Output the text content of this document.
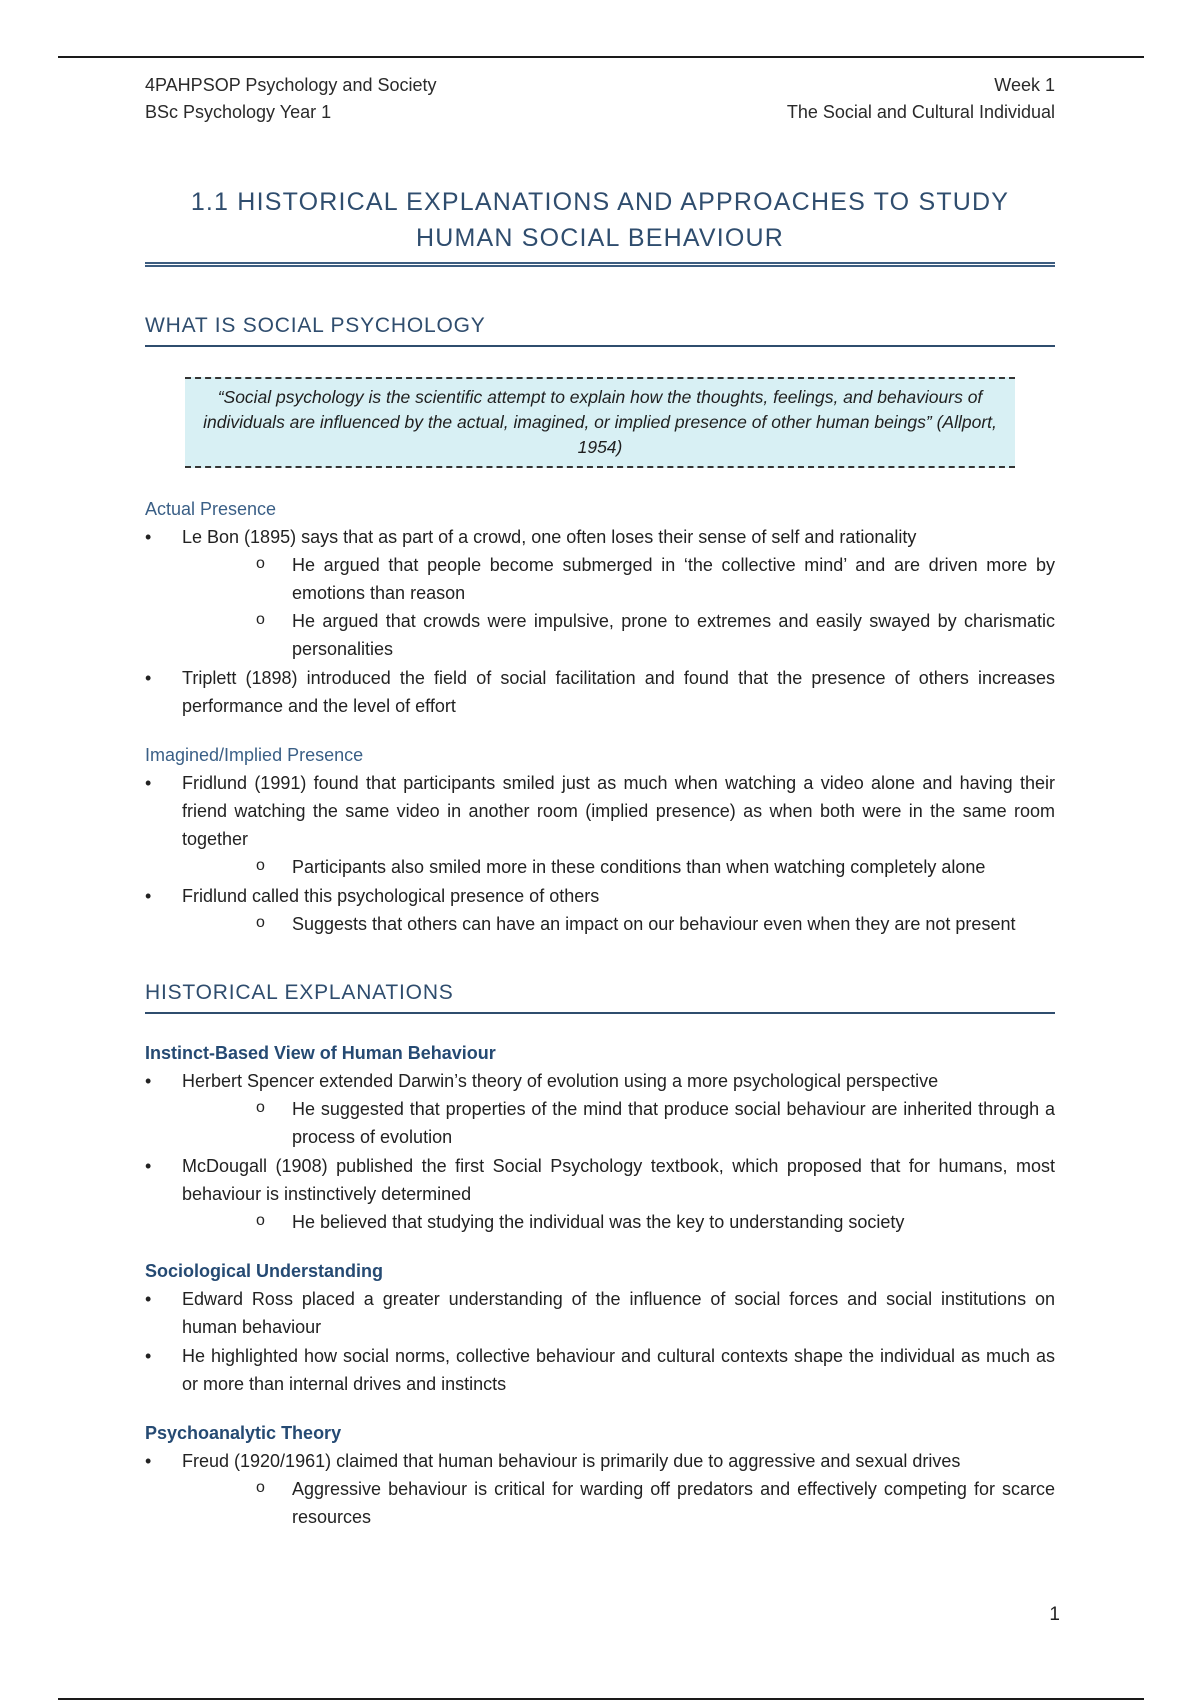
4PAHPSOP Psychology and Society
BSc Psychology Year 1
Week 1
The Social and Cultural Individual
1.1 HISTORICAL EXPLANATIONS AND APPROACHES TO STUDY
HUMAN SOCIAL BEHAVIOUR
WHAT IS SOCIAL PSYCHOLOGY
“Social psychology is the scientific attempt to explain how the thoughts, feelings, and behaviours of individuals are influenced by the actual, imagined, or implied presence of other human beings” (Allport, 1954)
Actual Presence
• Le Bon (1895) says that as part of a crowd, one often loses their sense of self and rationality
o He argued that people become submerged in ‘the collective mind’ and are driven more by emotions than reason
o He argued that crowds were impulsive, prone to extremes and easily swayed by charismatic personalities
• Triplett (1898) introduced the field of social facilitation and found that the presence of others increases performance and the level of effort
Imagined/Implied Presence
• Fridlund (1991) found that participants smiled just as much when watching a video alone and having their friend watching the same video in another room (implied presence) as when both were in the same room together
o Participants also smiled more in these conditions than when watching completely alone
• Fridlund called this psychological presence of others
o Suggests that others can have an impact on our behaviour even when they are not present
HISTORICAL EXPLANATIONS
Instinct-Based View of Human Behaviour
• Herbert Spencer extended Darwin’s theory of evolution using a more psychological perspective
o He suggested that properties of the mind that produce social behaviour are inherited through a process of evolution
• McDougall (1908) published the first Social Psychology textbook, which proposed that for humans, most behaviour is instinctively determined
o He believed that studying the individual was the key to understanding society
Sociological Understanding
• Edward Ross placed a greater understanding of the influence of social forces and social institutions on human behaviour
• He highlighted how social norms, collective behaviour and cultural contexts shape the individual as much as or more than internal drives and instincts
Psychoanalytic Theory
• Freud (1920/1961) claimed that human behaviour is primarily due to aggressive and sexual drives
o Aggressive behaviour is critical for warding off predators and effectively competing for scarce resources
1
